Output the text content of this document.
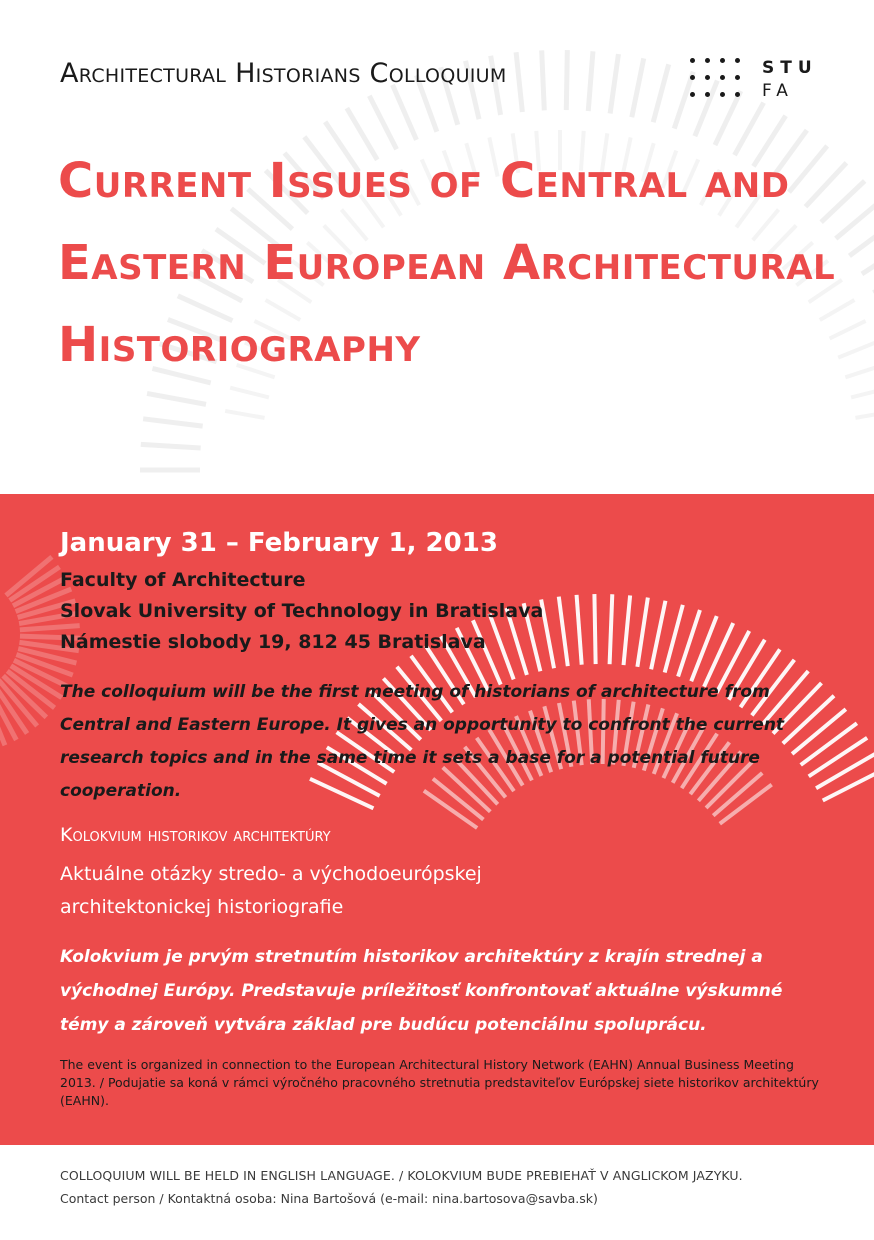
Architectural Historians Colloquium	STU

FA

Current Issues of Central and Eastern European Architectural Historiography

January 31 – February 1, 2013

Faculty of Architecture
Slovak University of Technology in Bratislava
Námestie slobody 19, 812 45 Bratislava

The colloquium will be the first meeting of historians of architecture from Central and Eastern Europe. It gives an opportunity to confront the current research topics and in the same time it sets a base for a potential future cooperation.

Kolokvium historikov architektúry

Aktuálne otázky stredo- a východoeurópskej architektonickej historiografie

Kolokvium je prvým stretnutím historikov architektúry z krajín strednej a východnej Európy. Predstavuje príležitosť konfrontovať aktuálne výskumné témy a zároveň vytvára základ pre budúcu potenciálnu spoluprácu.

The event is organized in connection to the European Architectural History Network (EAHN) Annual Business Meeting 2013. / Podujatie sa koná v rámci výročného pracovného stretnutia predstaviteľov Európskej siete historikov architektúry (EAHN).

COLLOQUIUM WILL BE HELD IN ENGLISH LANGUAGE. / KOLOKVIUM BUDE PREBIEHAŤ V ANGLICKOM JAZYKU.

Contact person / Kontaktná osoba: Nina Bartošová (e-mail: nina.bartosova@savba.sk)
